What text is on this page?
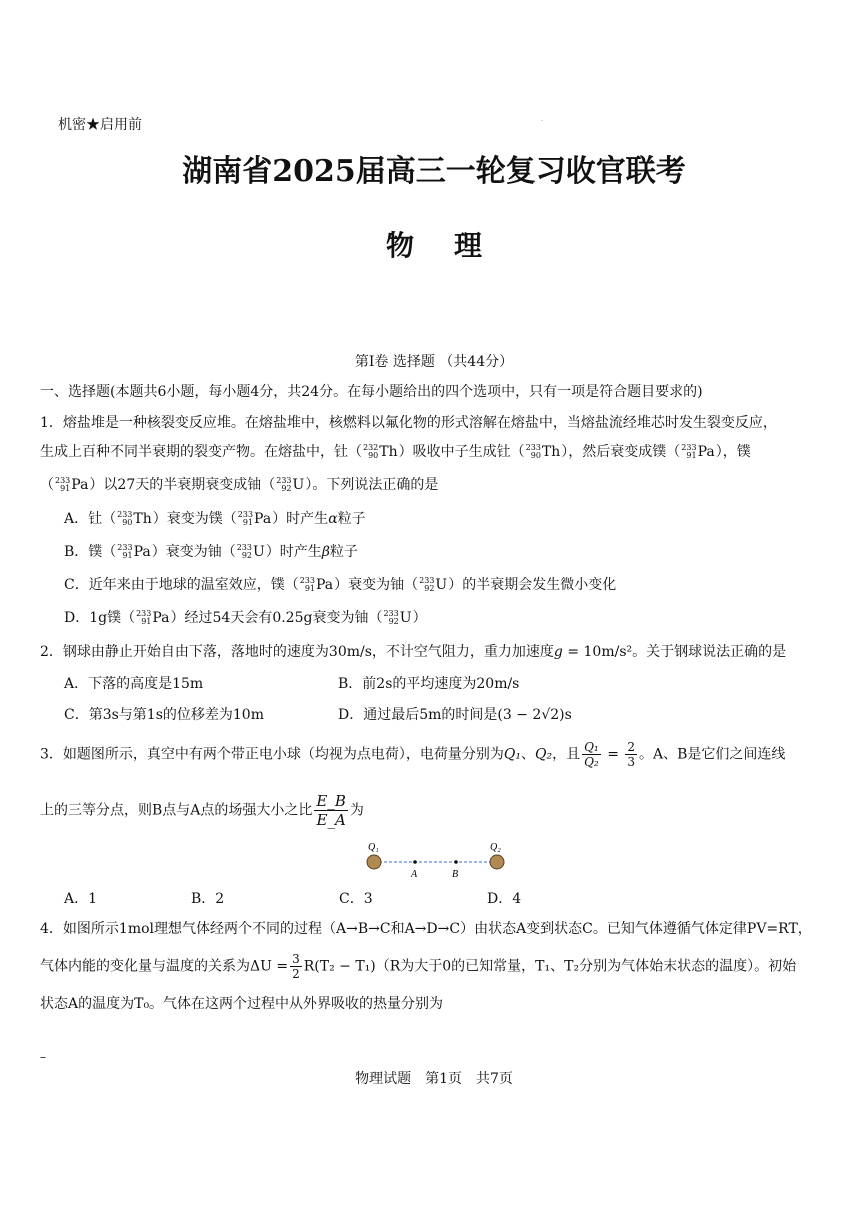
机密★启用前	·
湖南省2025届高三一轮复习收官联考
物理
第Ⅰ卷 选择题 （共44分）
一、选择题(本题共6小题，每小题4分，共24分。在每小题给出的四个选项中，只有一项是符合题目要求的)
1．熔盐堆是一种核裂变反应堆。在熔盐堆中，核燃料以氟化物的形式溶解在熔盐中，当熔盐流经堆芯时发生裂变反应，
生成上百种不同半衰期的裂变产物。在熔盐中，钍（ 232
90 Th）吸收中子生成钍（ 233
90 Th），然后衰变成镤（ 233
91 Pa），镤
（ 233
91 Pa）以27天的半衰期衰变成铀（ 233
92 U）。下列说法正确的是
A．钍（ 233
90 Th）衰变为镤（ 233
91 Pa）时产生α粒子
B．镤（ 233
91 Pa）衰变为铀（ 233
92 U）时产生β粒子
C．近年来由于地球的温室效应，镤（ 233
91 Pa）衰变为铀（ 233
92 U）的半衰期会发生微小变化
D．1g镤（ 233
91 Pa）经过54天会有0.25g衰变为铀（ 233
92 U）
2．钢球由静止开始自由下落，落地时的速度为30m/s，不计空气阻力，重力加速度g = 10m/s²。关于钢球说法正确的是
A．下落的高度是15m	B．前2s的平均速度为20m/s
C．第3s与第1s的位移差为10m	D．通过最后5m的时间是(3 − 2√2)s
3．如题图所示，真空中有两个带正电小球（均视为点电荷），电荷量分别为Q₁、Q₂，且 $\frac{\text{Q₁}}{\text{Q₂}} = \frac{2}{3}$ 。A、B是它们之间连线
上的三等分点，则B点与A点的场强大小之比 $\frac{E\_B}{E\_A}$ 为
Q₁	Q₂
A	B
A．1	B．2	C．3	D．4
4．如图所示1mol理想气体经两个不同的过程（A→B→C和A→D→C）由状态A变到状态C。已知气体遵循气体定律PV=RT，
气体内能的变化量与温度的关系为$\Delta U = \frac{3}{2} R(T_2 - T_1)(R$为大于0的已知常量，T₁、T₂分别为气体始末状态的温度）。初始
状态A的温度为T₀。气体在这两个过程中从外界吸收的热量分别为
–
物理试题　第1页　共7页
